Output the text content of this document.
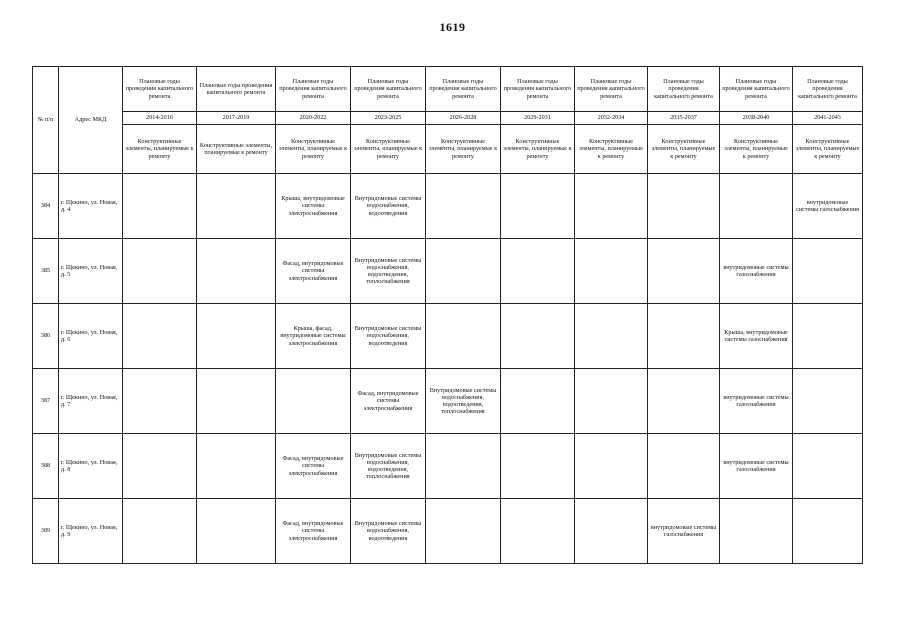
1619
№ п/п	Адрес МКД	Плановые годы проведения капитального ремонта	Плановые годы проведения капитального ремонта	Плановые годы проведения капитального ремонта	Плановые годы проведения капитального ремонта	Плановые годы проведения капитального ремонта	Плановые годы проведения капитального ремонта	Плановые годы проведения капитального ремонта	Плановые годы проведения капитального ремонта	Плановые годы проведения капитального ремонта	Плановые годы проведения капитального ремонта
		2014-2016	2017-2019	2020-2022	2023-2025	2026-2028	2029-2031	2032-2034	2035-2037	2038-2040	2041-2043
		Конструктивные элементы, планируемые к ремонту	Конструктивные элементы, планируемые к ремонту	Конструктивные элементы, планируемые к ремонту	Конструктивные элементы, планируемые к ремонту	Конструктивные элементы, планируемые к ремонту	Конструктивные элементы, планируемые к ремонту	Конструктивные элементы, планируемые к ремонту	Конструктивные элементы, планируемые к ремонту	Конструктивные элементы, планируемые к ремонту	Конструктивные элементы, планируемые к ремонту
384	г. Щекино, ул. Новая, д. 4			Крыша, внутридомовые системы электроснабжения	Внутридомовые системы водоснабжения, водоотведения						внутридомовые системы газоснабжения
385	г. Щекино, ул. Новая, д. 5			Фасад, внутридомовые системы электроснабжения	Внутридомовые системы водоснабжения, водоотведения, теплоснабжения					внутридомовые системы газоснабжения	
386	г. Щекино, ул. Новая, д. 6			Крыша, фасад, внутридомовые системы электроснабжения	Внутридомовые системы водоснабжения, водоотведения					Крыша, внутридомовые системы газоснабжения	
387	г. Щекино, ул. Новая, д. 7				Фасад, внутридомовые системы электроснабжения	Внутридомовые системы водоснабжения, водоотведения, теплоснабжения				внутридомовые системы газоснабжения	
388	г. Щекино, ул. Новая, д. 8			Фасад, внутридомовые системы электроснабжения	Внутридомовые системы водоснабжения, водоотведения, теплоснабжения					внутридомовые системы газоснабжения	
389	г. Щекино, ул. Новая, д. 9			Фасад, внутридомовые системы электроснабжения	Внутридомовые системы водоснабжения, водоотведения				внутридомовые системы газоснабжения		
